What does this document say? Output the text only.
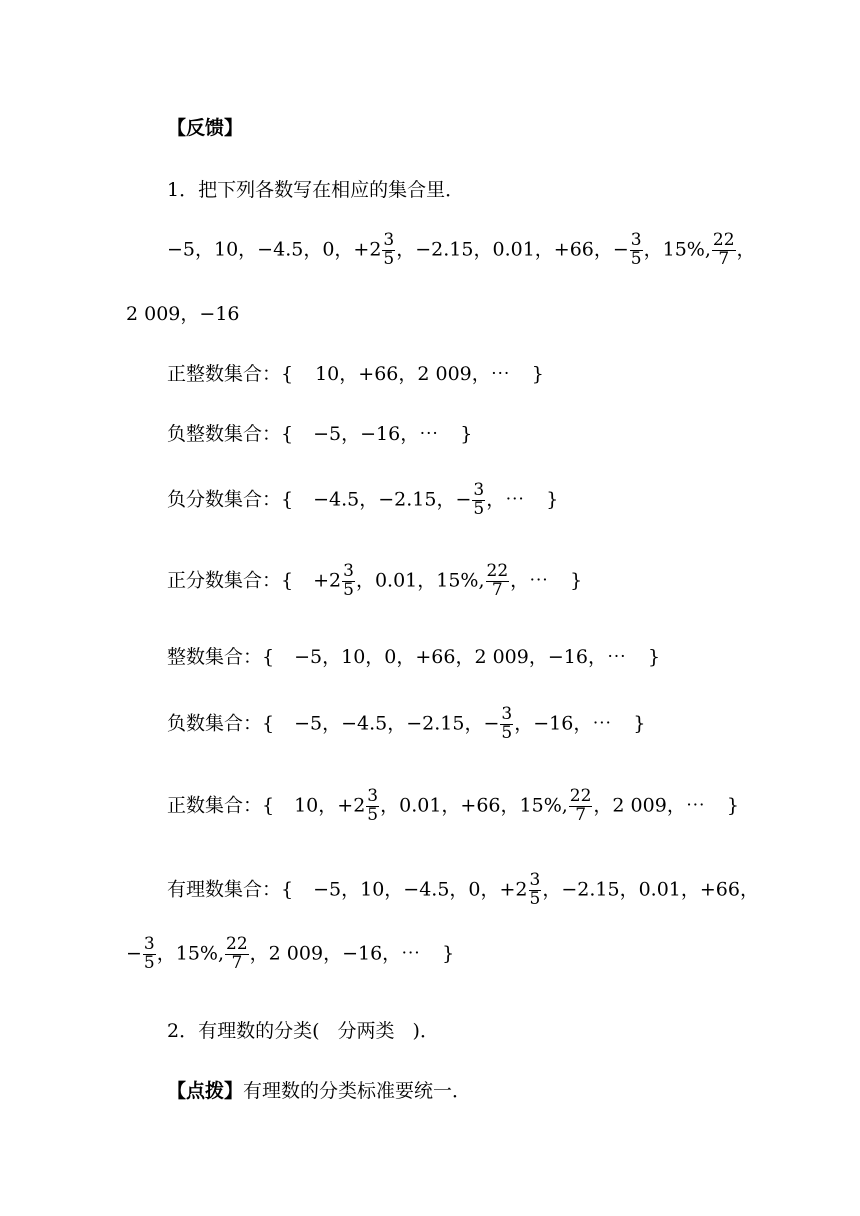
【反馈】
1．把下列各数写在相应的集合里．
−5，10，−4.5，0，$+2 \frac{3}{5}$ ，−2.15，0.01，+66，− $\frac{3}{5}$ ，15%, $\frac{22}{7}$ ，
2 009，−16
正整数集合：{ 10，+66，2 009，⋯ }
负整数集合：{ −5，−16，⋯ }
负分数集合：{ −4.5，−2.15，− $\frac{3}{5}$ ，⋯ }
正分数集合：{ $+2 \frac{3}{5}$ ，0.01，15%, $\frac{22}{7}$ ，⋯ }
整数集合：{ −5，10，0，+66，2 009，−16，⋯ }
负数集合：{ −5，−4.5，−2.15，− $\frac{3}{5}$ ，−16，⋯ }
正数集合：{ 10，$+2 \frac{3}{5}$ ，0.01，+66，15%, $\frac{22}{7}$ ，2 009，⋯ }
有理数集合：{ −5，10，−4.5，0，$+2 \frac{3}{5}$ ，−2.15，0.01，+66，
− $\frac{3}{5}$ ，15%, $\frac{22}{7}$ ，2 009，−16，⋯ }
2．有理数的分类( 分两类 )．
【点拨】有理数的分类标准要统一．
